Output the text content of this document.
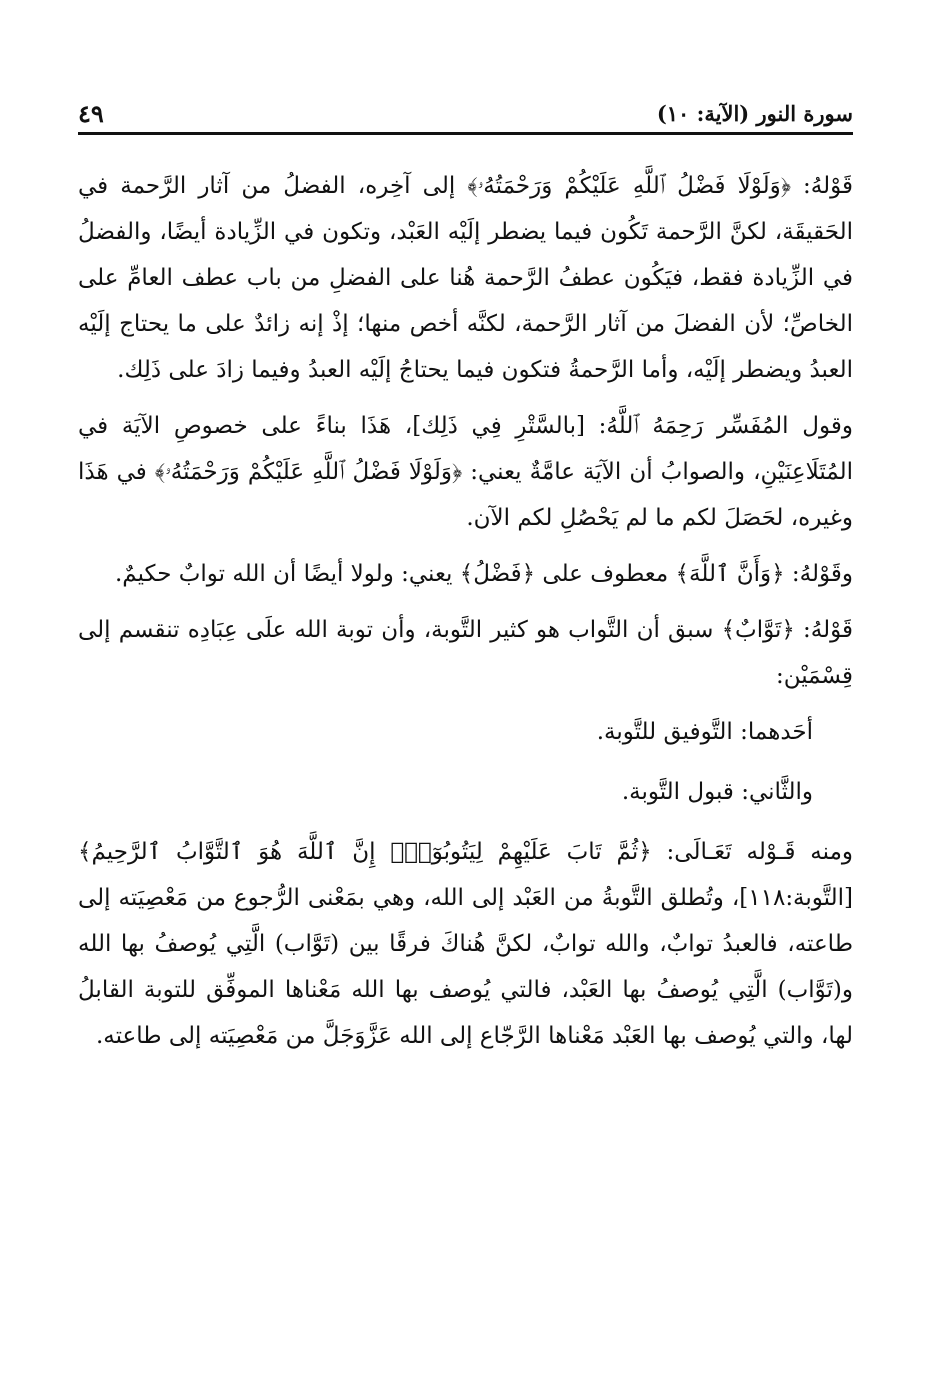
سورة النور (الآية: ١٠)
٤٩

قَوْلهُ: ﴿وَلَوْلَا فَضْلُ ٱللَّهِ عَلَيْكُمْ وَرَحْمَتُهُۥ﴾ إلى آخِره، الفضلُ من آثار الرَّحمة في الحَقيقَة، لكنَّ الرَّحمة تَكُون فيما يضطر إلَيْه العَبْد، وتكون في الزِّيادة أيضًا، والفضلُ في الزِّيادة فقط، فيَكُون عطفُ الرَّحمة هُنا على الفضلِ من باب عطف العامِّ على الخاصِّ؛ لأن الفضلَ من آثار الرَّحمة، لكنَّه أخص منها؛ إذْ إنه زائدٌ على ما يحتاج إلَيْه العبدُ ويضطر إلَيْه، وأما الرَّحمةُ فتكون فيما يحتاجُ إلَيْه العبدُ وفيما زادَ على ذَلِك.

وقول المُفَسِّر رَحِمَهُ ٱللَّهُ: [بالسَّتْرِ فِي ذَلِك]، هَذَا بناءً على خصوصِ الآيَة في المُتَلَاعِنَيْنِ، والصوابُ أن الآيَة عامَّةٌ يعني: ﴿وَلَوْلَا فَضْلُ ٱللَّهِ عَلَيْكُمْ وَرَحْمَتُهُۥ﴾ في هَذَا وغيره، لحَصَلَ لكم ما لم يَحْصُلِ لكم الآن.

وقَوْلهُ: ﴿وَأَنَّ ٱللَّهَ﴾ معطوف على ﴿فَضْلُ﴾ يعني: ولولا أيضًا أن الله توابٌ حكيمٌ.

قَوْلهُ: ﴿تَوَّابٌ﴾ سبق أن التَّواب هو كثير التَّوبة، وأن توبة الله علَى عِبَادِه تنقسم إلى قِسْمَيْن:

أحَدهما: التَّوفيق للتَّوبة.

والثَّاني: قبول التَّوبة.

ومنه قَـوْله تَعَـالَى: ﴿ثُمَّ تَابَ عَلَيْهِمْ لِيَتُوبُوٓاْۚ إِنَّ ٱللَّهَ هُوَ ٱلتَّوَّابُ ٱلرَّحِيمُ﴾ [التَّوبة:١١٨]، وتُطلق التَّوبةُ من العَبْد إلى الله، وهي بمَعْنى الرُّجوع من مَعْصِيَته إلى طاعته، فالعبدُ توابٌ، والله توابٌ، لكنَّ هُناكَ فرقًا بين (تَوَّاب) الَّتِي يُوصفُ بها الله و(تَوَّاب) الَّتِي يُوصفُ بها العَبْد، فالتي يُوصف بها الله مَعْناها الموفِّق للتوبة القابلُ لها، والتي يُوصف بها العَبْد مَعْناها الرَّجّاع إلى الله عَزَّوَجَلَّ من مَعْصِيَته إلى طاعته.
